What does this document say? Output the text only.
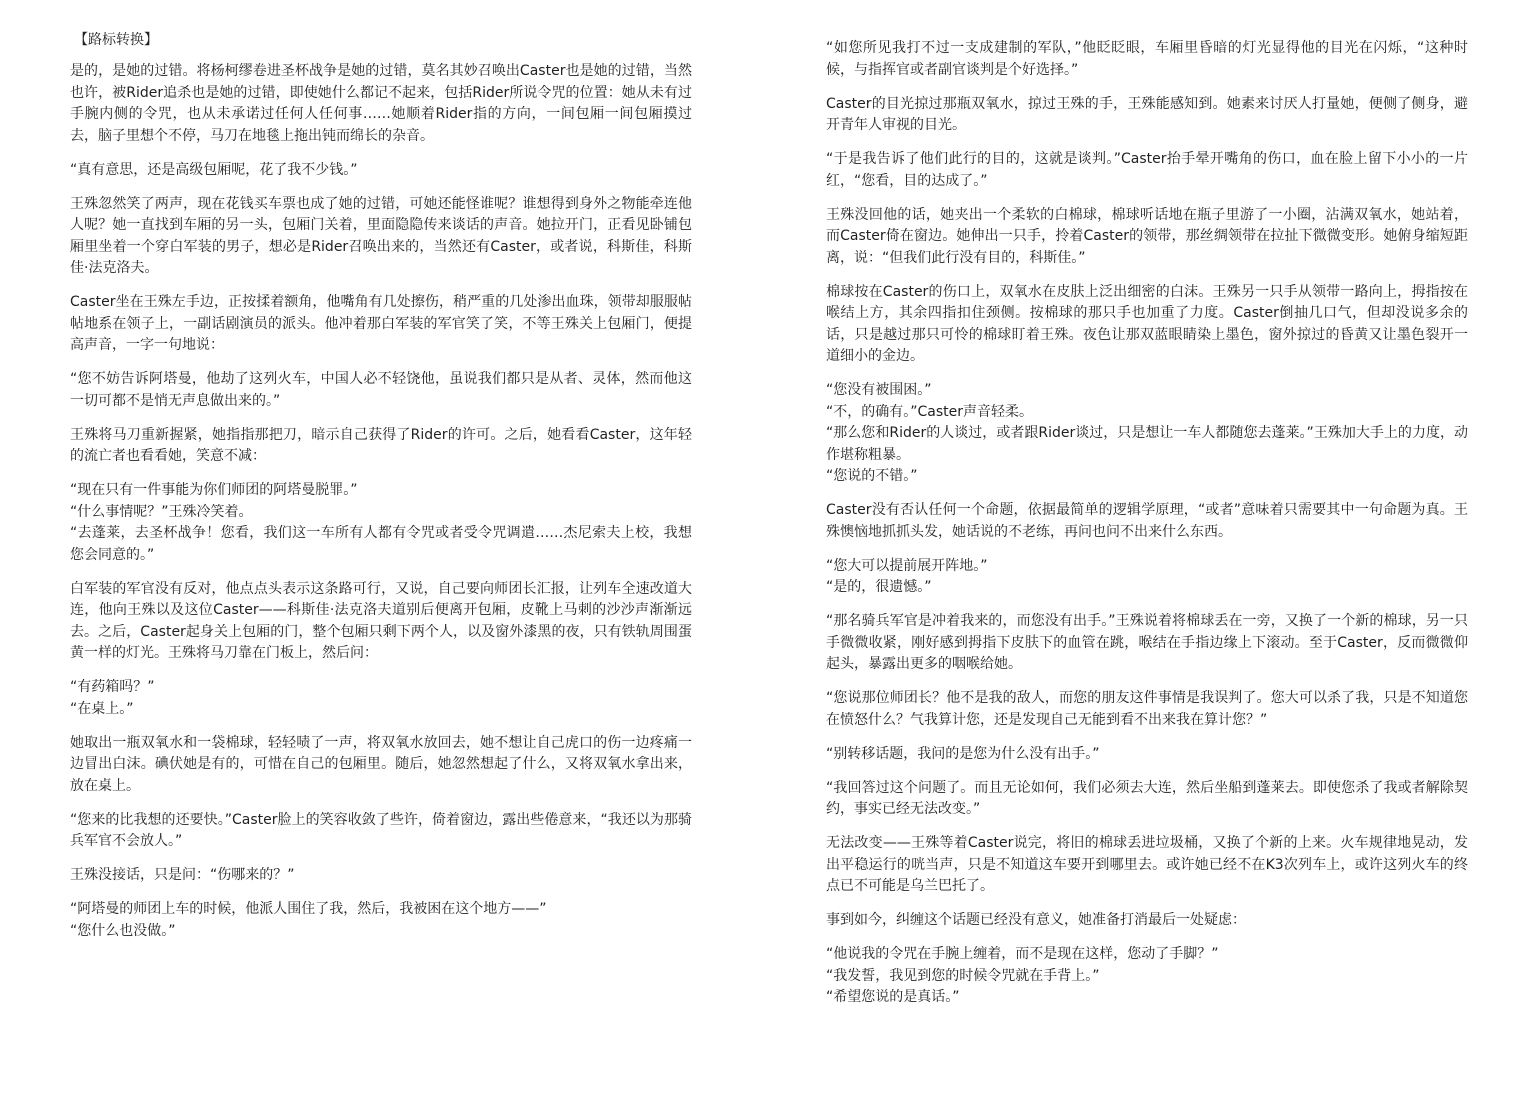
【路标转换】
是的，是她的过错。将杨柯缪卷进圣杯战争是她的过错，莫名其妙召唤出Caster也是她的过错，当然也许，被Rider追杀也是她的过错，即使她什么都记不起来，包括Rider所说令咒的位置：她从未有过手腕内侧的令咒，也从未承诺过任何人任何事……她顺着Rider指的方向，一间包厢一间包厢摸过去，脑子里想个不停，马刀在地毯上拖出钝而绵长的杂音。
“真有意思，还是高级包厢呢，花了我不少钱。”
王殊忽然笑了两声，现在花钱买车票也成了她的过错，可她还能怪谁呢？谁想得到身外之物能牵连他人呢？她一直找到车厢的另一头，包厢门关着，里面隐隐传来谈话的声音。她拉开门，正看见卧铺包厢里坐着一个穿白军装的男子，想必是Rider召唤出来的，当然还有Caster，或者说，科斯佳，科斯佳·法克洛夫。
Caster坐在王殊左手边，正按揉着额角，他嘴角有几处擦伤，稍严重的几处渗出血珠，领带却服服帖帖地系在领子上，一副话剧演员的派头。他冲着那白军装的军官笑了笑，不等王殊关上包厢门，便提高声音，一字一句地说：
“您不妨告诉阿塔曼，他劫了这列火车，中国人必不轻饶他，虽说我们都只是从者、灵体，然而他这一切可都不是悄无声息做出来的。”
王殊将马刀重新握紧，她指指那把刀，暗示自己获得了Rider的许可。之后，她看看Caster，这年轻的流亡者也看看她，笑意不减：
“现在只有一件事能为你们师团的阿塔曼脱罪。”
“什么事情呢？”王殊冷笑着。
“去蓬莱，去圣杯战争！您看，我们这一车所有人都有令咒或者受令咒调遣……杰尼索夫上校，我想您会同意的。”
白军装的军官没有反对，他点点头表示这条路可行，又说，自己要向师团长汇报，让列车全速改道大连，他向王殊以及这位Caster——科斯佳·法克洛夫道别后便离开包厢，皮靴上马刺的沙沙声渐渐远去。之后，Caster起身关上包厢的门，整个包厢只剩下两个人，以及窗外漆黑的夜，只有铁轨周围蛋黄一样的灯光。王殊将马刀靠在门板上，然后问：
“有药箱吗？”
“在桌上。”
她取出一瓶双氧水和一袋棉球，轻轻啧了一声，将双氧水放回去，她不想让自己虎口的伤一边疼痛一边冒出白沫。碘伏她是有的，可惜在自己的包厢里。随后，她忽然想起了什么，又将双氧水拿出来，放在桌上。
“您来的比我想的还要快。”Caster脸上的笑容收敛了些许，倚着窗边，露出些倦意来，“我还以为那骑兵军官不会放人。”
王殊没接话，只是问：“伤哪来的？”
“阿塔曼的师团上车的时候，他派人围住了我，然后，我被困在这个地方——”
“您什么也没做。”
“如您所见我打不过一支成建制的军队，”他眨眨眼，车厢里昏暗的灯光显得他的目光在闪烁，“这种时候，与指挥官或者副官谈判是个好选择。”
Caster的目光掠过那瓶双氧水，掠过王殊的手，王殊能感知到。她素来讨厌人打量她，便侧了侧身，避开青年人审视的目光。
“于是我告诉了他们此行的目的，这就是谈判。”Caster抬手晕开嘴角的伤口，血在脸上留下小小的一片红，“您看，目的达成了。”
王殊没回他的话，她夹出一个柔软的白棉球，棉球听话地在瓶子里游了一小圈，沾满双氧水，她站着，而Caster倚在窗边。她伸出一只手，拎着Caster的领带，那丝绸领带在拉扯下微微变形。她俯身缩短距离，说：“但我们此行没有目的，科斯佳。”
棉球按在Caster的伤口上，双氧水在皮肤上泛出细密的白沫。王殊另一只手从领带一路向上，拇指按在喉结上方，其余四指扣住颈侧。按棉球的那只手也加重了力度。Caster倒抽几口气，但却没说多余的话，只是越过那只可怜的棉球盯着王殊。夜色让那双蓝眼睛染上墨色，窗外掠过的昏黄又让墨色裂开一道细小的金边。
“您没有被围困。”
“不，的确有。”Caster声音轻柔。
“那么您和Rider的人谈过，或者跟Rider谈过，只是想让一车人都随您去蓬莱。”王殊加大手上的力度，动作堪称粗暴。
“您说的不错。”
Caster没有否认任何一个命题，依据最简单的逻辑学原理，“或者”意味着只需要其中一句命题为真。王殊懊恼地抓抓头发，她话说的不老练，再问也问不出来什么东西。
“您大可以提前展开阵地。”
“是的，很遗憾。”
“那名骑兵军官是冲着我来的，而您没有出手。”王殊说着将棉球丢在一旁，又换了一个新的棉球，另一只手微微收紧，刚好感到拇指下皮肤下的血管在跳，喉结在手指边缘上下滚动。至于Caster，反而微微仰起头，暴露出更多的咽喉给她。
“您说那位师团长？他不是我的敌人，而您的朋友这件事情是我误判了。您大可以杀了我，只是不知道您在愤怒什么？气我算计您，还是发现自己无能到看不出来我在算计您？”
“别转移话题，我问的是您为什么没有出手。”
“我回答过这个问题了。而且无论如何，我们必须去大连，然后坐船到蓬莱去。即使您杀了我或者解除契约，事实已经无法改变。”
无法改变——王殊等着Caster说完，将旧的棉球丢进垃圾桶，又换了个新的上来。火车规律地晃动，发出平稳运行的咣当声，只是不知道这车要开到哪里去。或许她已经不在K3次列车上，或许这列火车的终点已不可能是乌兰巴托了。
事到如今，纠缠这个话题已经没有意义，她准备打消最后一处疑虑：
“他说我的令咒在手腕上缠着，而不是现在这样，您动了手脚？”
“我发誓，我见到您的时候令咒就在手背上。”
“希望您说的是真话。”
